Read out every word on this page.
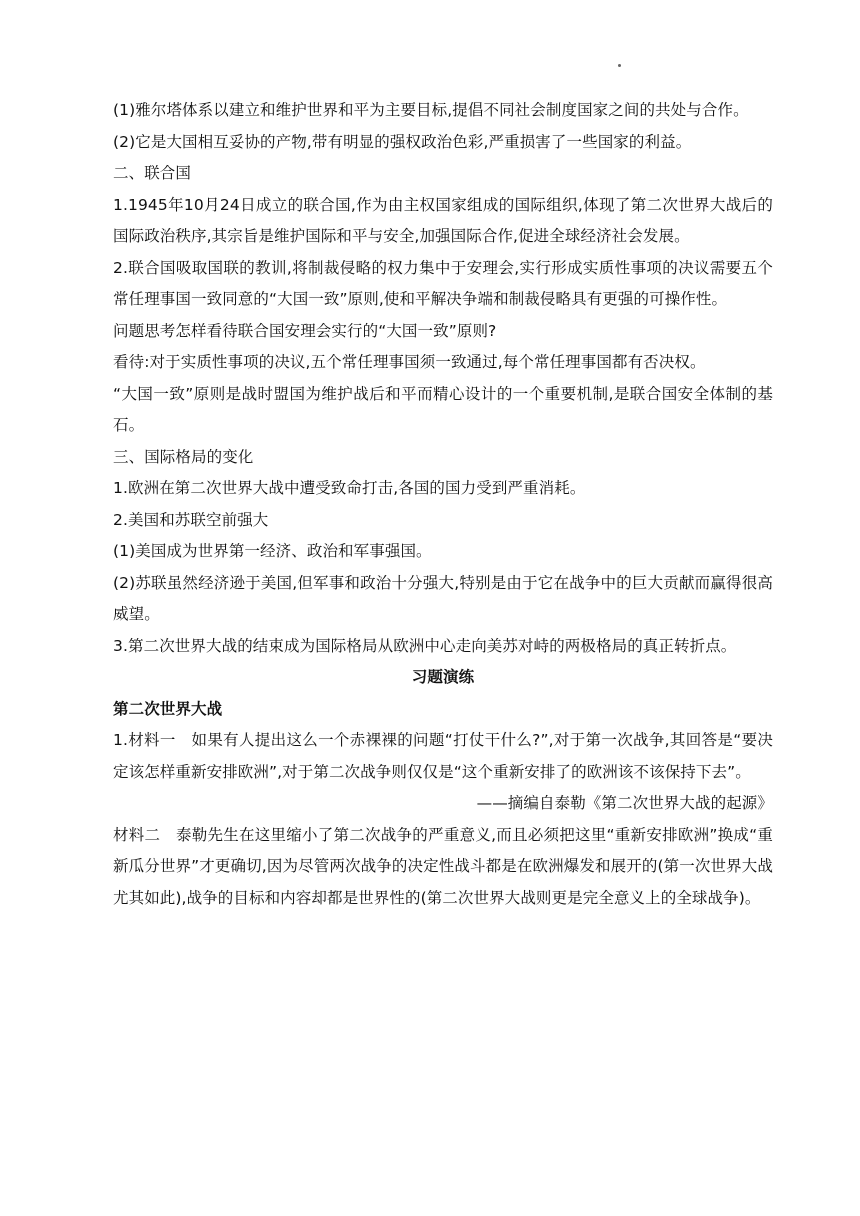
(1)雅尔塔体系以建立和维护世界和平为主要目标,提倡不同社会制度国家之间的共处与合作。

(2)它是大国相互妥协的产物,带有明显的强权政治色彩,严重损害了一些国家的利益。

二、联合国

1.1945年10月24日成立的联合国,作为由主权国家组成的国际组织,体现了第二次世界大战后的国际政治秩序,其宗旨是维护国际和平与安全,加强国际合作,促进全球经济社会发展。

2.联合国吸取国联的教训,将制裁侵略的权力集中于安理会,实行形成实质性事项的决议需要五个常任理事国一致同意的“大国一致”原则,使和平解决争端和制裁侵略具有更强的可操作性。

问题思考怎样看待联合国安理会实行的“大国一致”原则?

看待:对于实质性事项的决议,五个常任理事国须一致通过,每个常任理事国都有否决权。

“大国一致”原则是战时盟国为维护战后和平而精心设计的一个重要机制,是联合国安全体制的基石。

三、国际格局的变化

1.欧洲在第二次世界大战中遭受致命打击,各国的国力受到严重消耗。

2.美国和苏联空前强大

(1)美国成为世界第一经济、政治和军事强国。

(2)苏联虽然经济逊于美国,但军事和政治十分强大,特别是由于它在战争中的巨大贡献而赢得很高威望。

3.第二次世界大战的结束成为国际格局从欧洲中心走向美苏对峙的两极格局的真正转折点。

习题演练

第二次世界大战

1.材料一　如果有人提出这么一个赤裸裸的问题“打仗干什么?”,对于第一次战争,其回答是“要决定该怎样重新安排欧洲”,对于第二次战争则仅仅是“这个重新安排了的欧洲该不该保持下去”。

——摘编自泰勒《第二次世界大战的起源》

材料二　泰勒先生在这里缩小了第二次战争的严重意义,而且必须把这里“重新安排欧洲”换成“重新瓜分世界”才更确切,因为尽管两次战争的决定性战斗都是在欧洲爆发和展开的(第一次世界大战尤其如此),战争的目标和内容却都是世界性的(第二次世界大战则更是完全意义上的全球战争)。
